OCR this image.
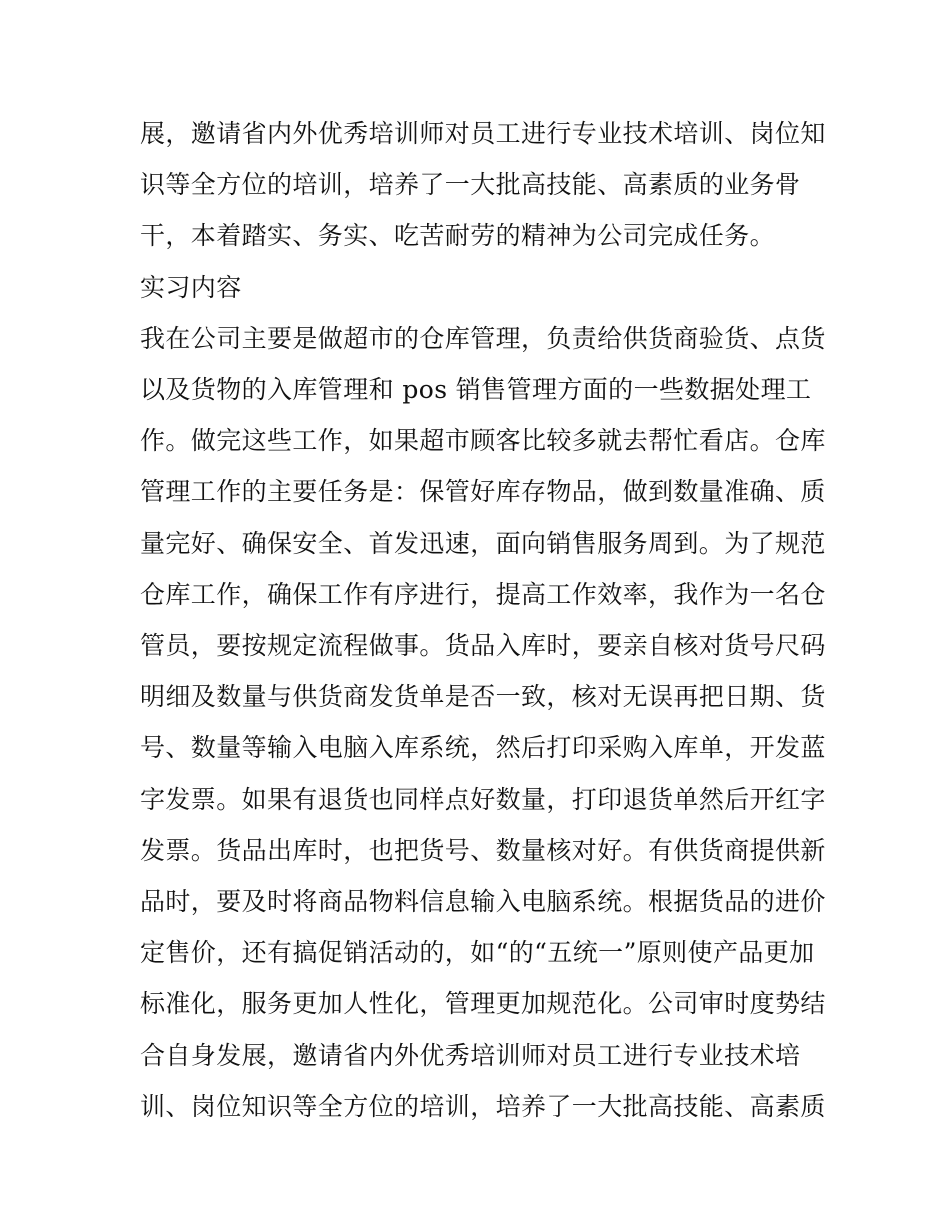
展，邀请省内外优秀培训师对员工进行专业技术培训、岗位知
识等全方位的培训，培养了一大批高技能、高素质的业务骨
干，本着踏实、务实、吃苦耐劳的精神为公司完成任务。
实习内容
我在公司主要是做超市的仓库管理，负责给供货商验货、点货
以及货物的入库管理和 pos 销售管理方面的一些数据处理工
作。做完这些工作，如果超市顾客比较多就去帮忙看店。仓库
管理工作的主要任务是：保管好库存物品，做到数量准确、质
量完好、确保安全、首发迅速，面向销售服务周到。为了规范
仓库工作，确保工作有序进行，提高工作效率，我作为一名仓
管员，要按规定流程做事。货品入库时，要亲自核对货号尺码
明细及数量与供货商发货单是否一致，核对无误再把日期、货
号、数量等输入电脑入库系统，然后打印采购入库单，开发蓝
字发票。如果有退货也同样点好数量，打印退货单然后开红字
发票。货品出库时，也把货号、数量核对好。有供货商提供新
品时，要及时将商品物料信息输入电脑系统。根据货品的进价
定售价，还有搞促销活动的，如“的“五统一”原则使产品更加
标准化，服务更加人性化，管理更加规范化。公司审时度势结
合自身发展，邀请省内外优秀培训师对员工进行专业技术培
训、岗位知识等全方位的培训，培养了一大批高技能、高素质
